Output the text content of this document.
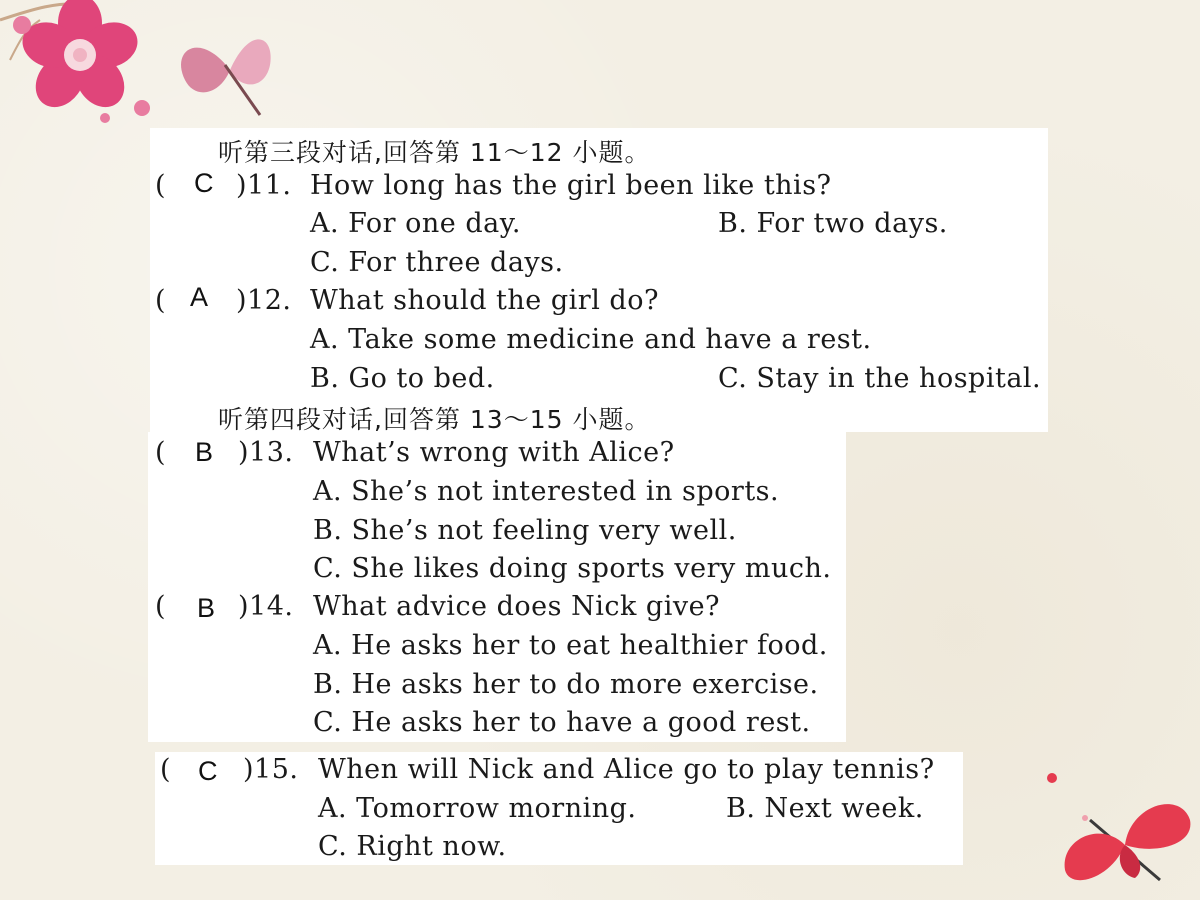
听第三段对话,回答第 11～12 小题。
( C )11. How long has the girl been like this?
A. For one day.	B. For two days.
C. For three days.
( A )12. What should the girl do?
A. Take some medicine and have a rest.
B. Go to bed.	C. Stay in the hospital.
听第四段对话,回答第 13～15 小题。
( B )13. What’s wrong with Alice?
A. She’s not interested in sports.
B. She’s not feeling very well.
C. She likes doing sports very much.
( B )14. What advice does Nick give?
A. He asks her to eat healthier food.
B. He asks her to do more exercise.
C. He asks her to have a good rest.
( C )15. When will Nick and Alice go to play tennis?
A. Tomorrow morning.	B. Next week.
C. Right now.
